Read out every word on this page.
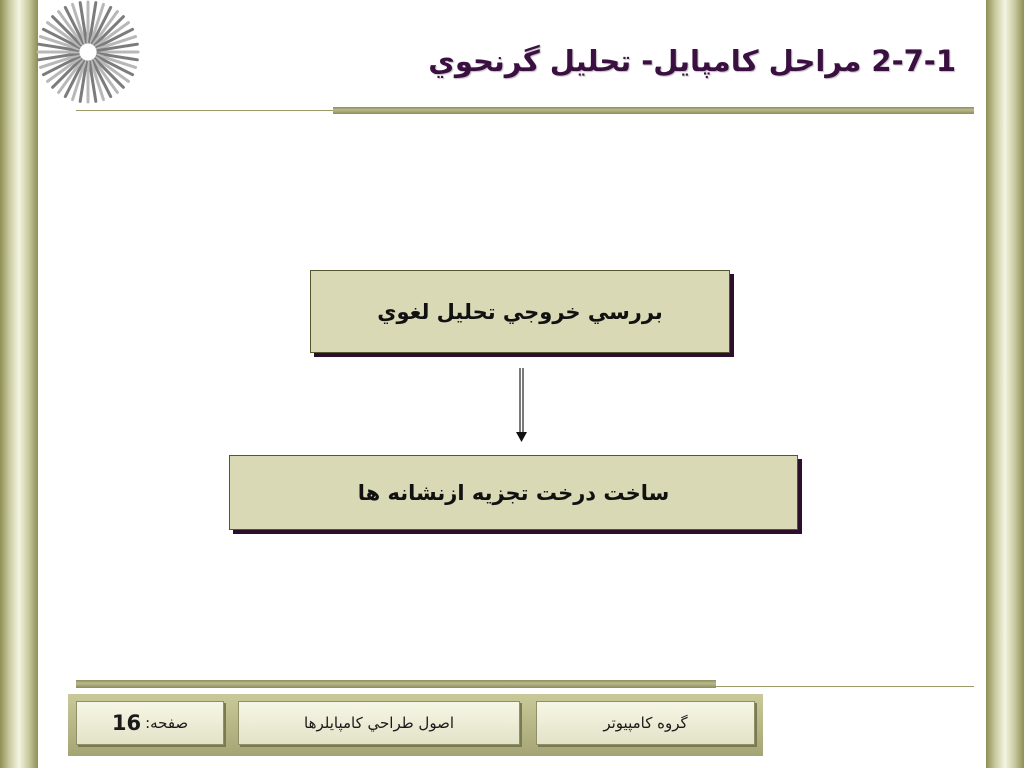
2-7-1 مراحل كامپايل- تحليل گرنحوي
بررسي خروجي تحليل لغوي
ساخت درخت تجزيه ازنشانه ها
گروه کامپیوتر
اصول طراحي كامپايلرها
صفحه:
16
